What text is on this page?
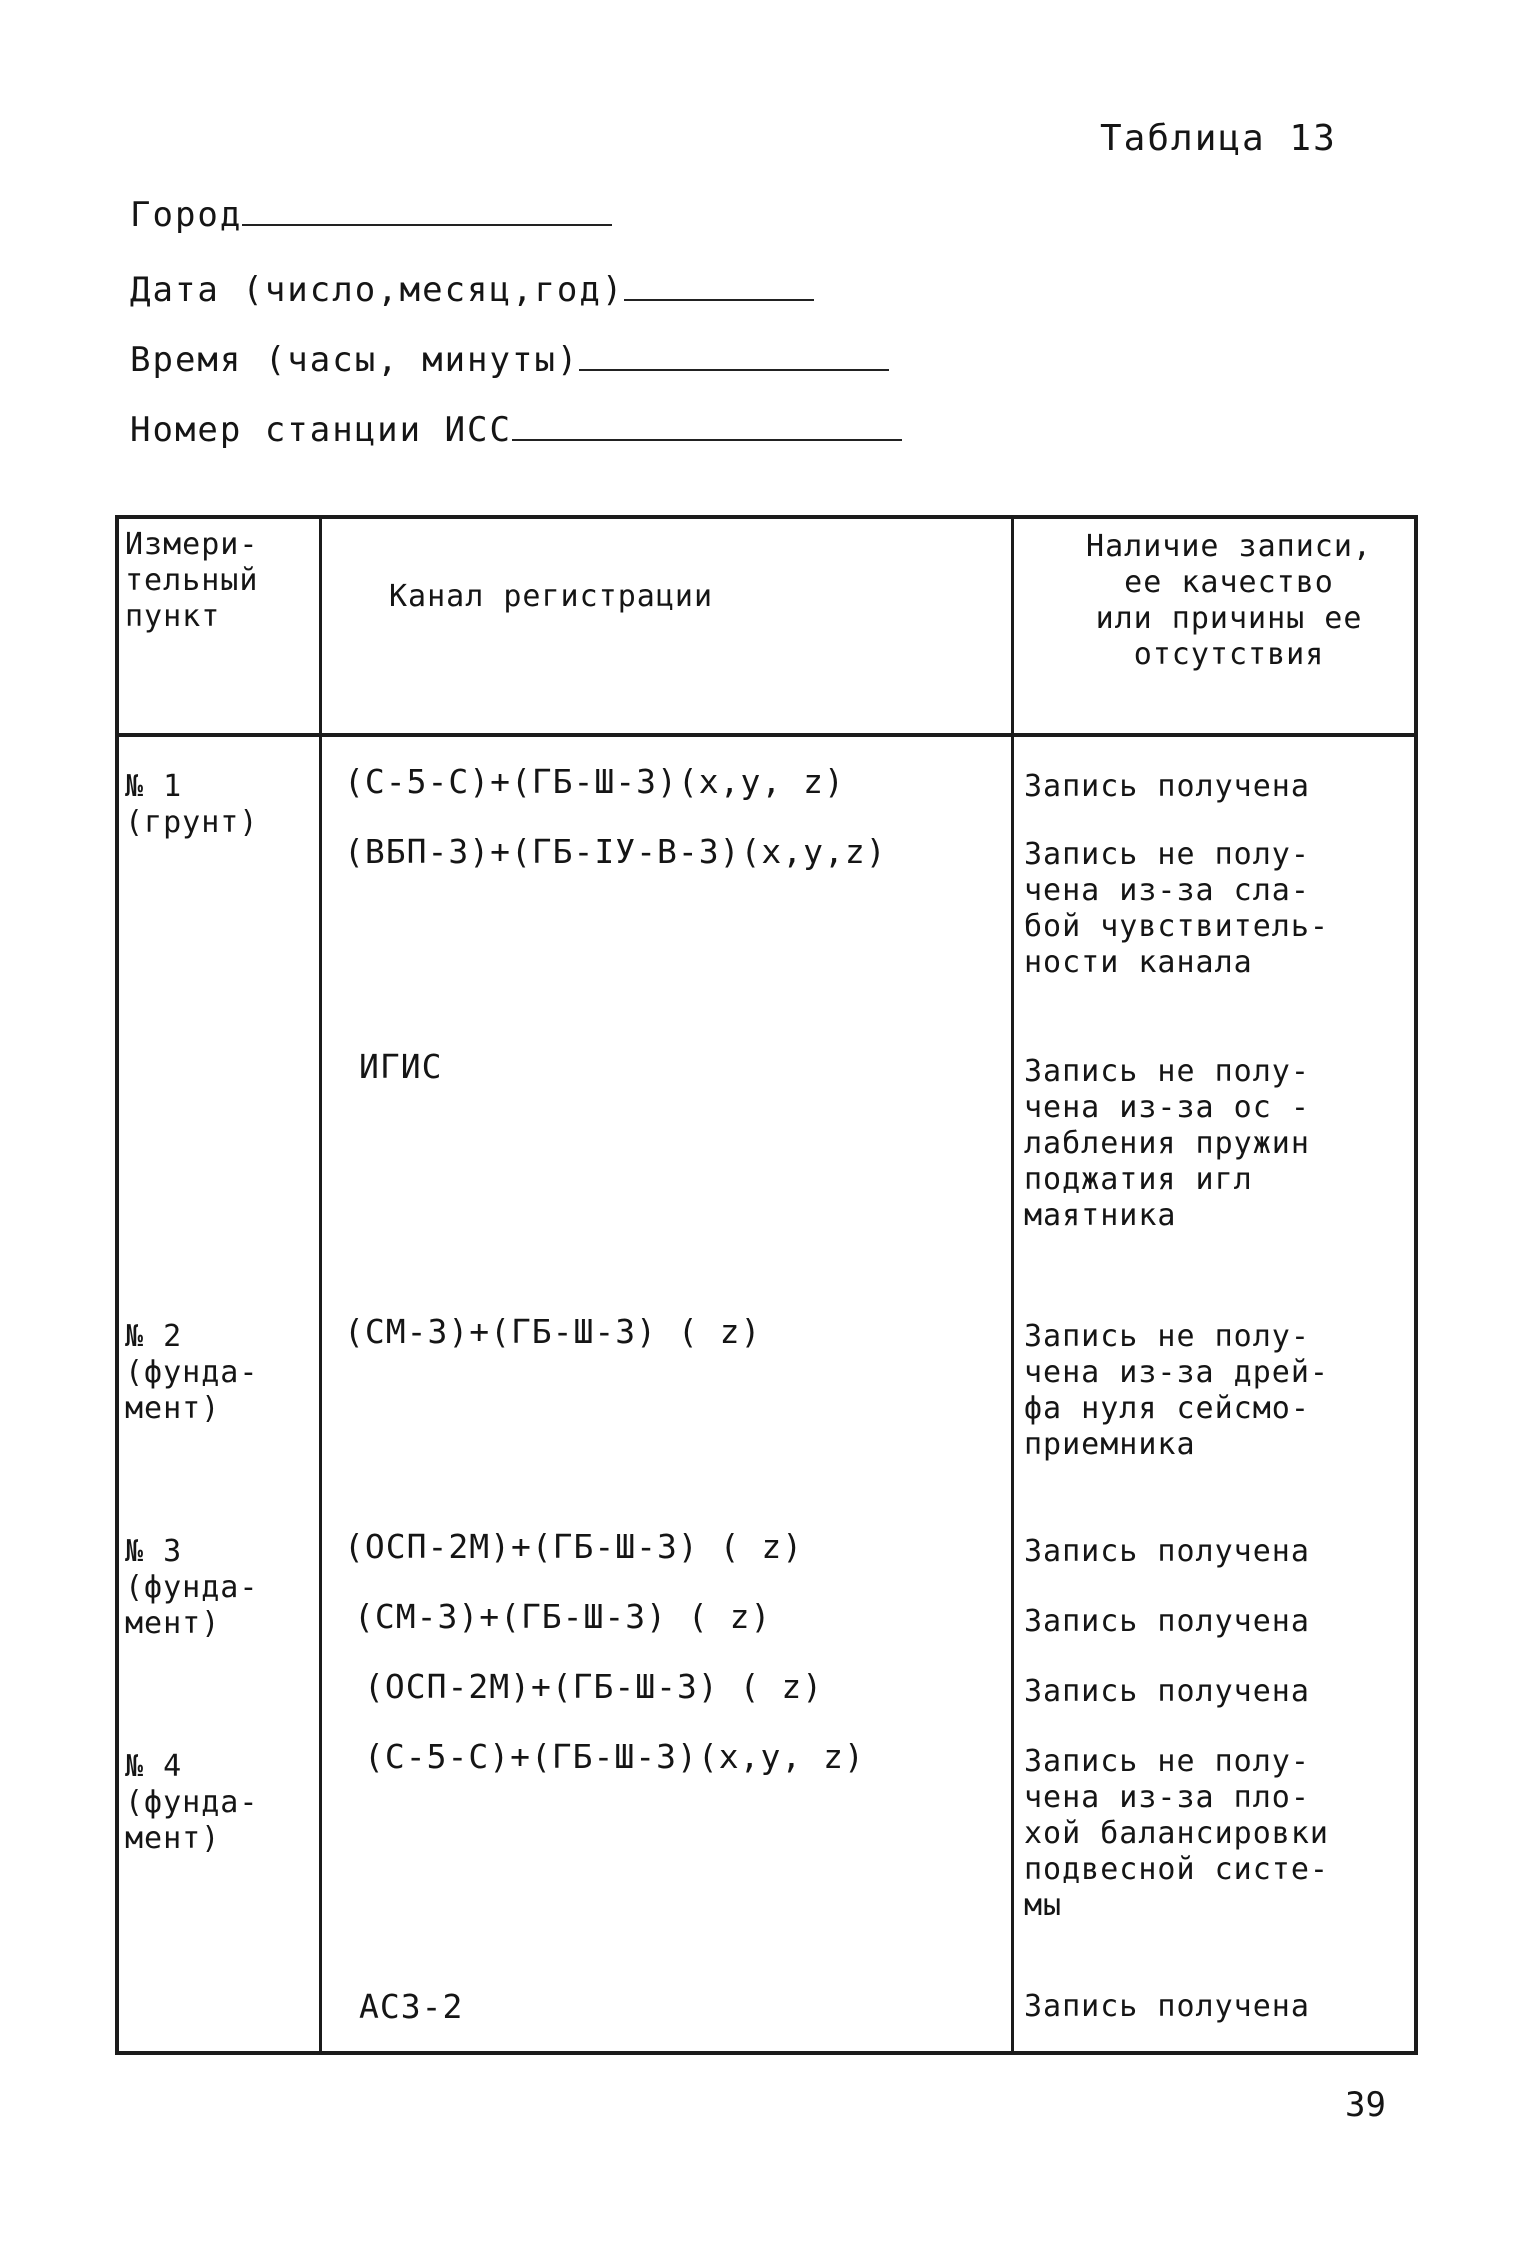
Таблица 13
Город
Дата (число,месяц,год)
Время (часы, минуты)
Номер станции ИСС
Измери-
тельный
пункт
Канал регистрации
Наличие записи,
ее качество
или причины ее
отсутствия
№ 1
(грунт)
№ 2
(фунда-
мент)
№ 3
(фунда-
мент)
№ 4
(фунда-
мент)
(С-5-С)+(ГБ-Ш-3)(x,y, z)
(ВБП-3)+(ГБ-IУ-В-3)(x,y,z)
ИГИС
(СМ-3)+(ГБ-Ш-3) ( z)
(ОСП-2М)+(ГБ-Ш-3) ( z)
(СМ-3)+(ГБ-Ш-3) ( z)
(ОСП-2М)+(ГБ-Ш-3) ( z)
(С-5-С)+(ГБ-Ш-3)(x,y, z)
АСЗ-2
Запись получена
Запись не полу-
чена из-за сла-
бой чувствитель-
ности канала
Запись не полу-
чена из-за ос -
лабления пружин
поджатия игл
маятника
Запись не полу-
чена из-за дрей-
фа нуля сейсмо-
приемника
Запись получена
Запись получена
Запись получена
Запись не полу-
чена из-за пло-
хой балансировки
подвесной систе-
мы
Запись получена
39
